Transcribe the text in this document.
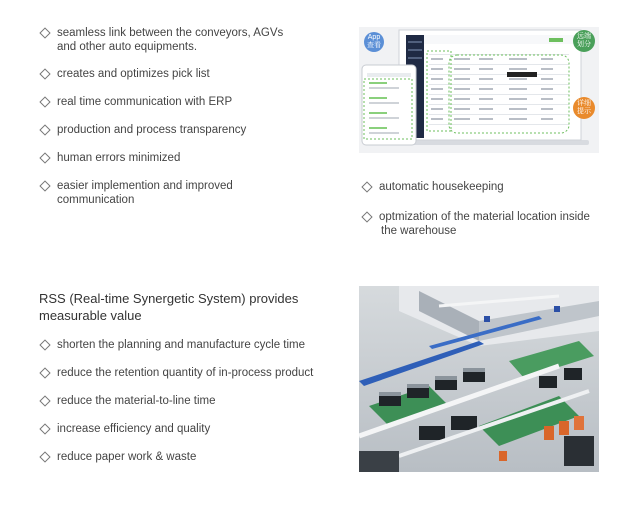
seamless link between the conveyors, AGVs
and other auto equipments.
creates and optimizes pick list
real time communication with ERP
production and process transparency
human errors minimized
easier implemention and improved
communication
App 查看
远端 划分
详细 提示
automatic housekeeping
optmization of the material location inside
the warehouse
RSS (Real-time Synergetic System) provides
measurable value
shorten the planning and manufacture cycle time
reduce the retention quantity of in-process product
reduce the material-to-line time
increase efficiency and quality
reduce paper work & waste
